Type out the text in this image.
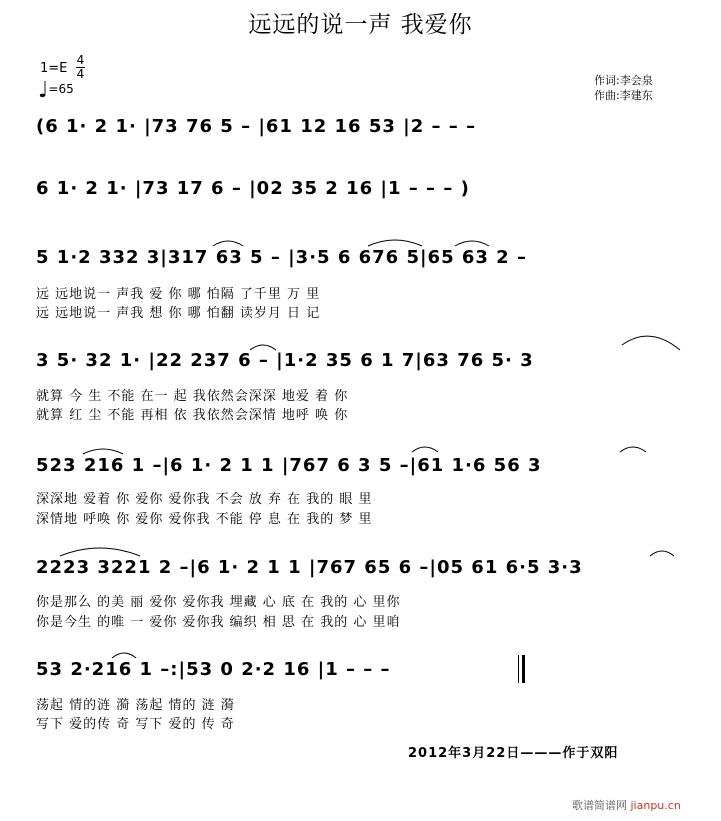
远远的说一声 我爱你
1=E
4
4
♩=65
作词:李会泉
作曲:李建东
(6 1· 2 1· |73 76 5 – |61 12 16 53 |2 – – –
6 1· 2 1· |73 17 6 – |02 35 2 16 |1 – – – )
5 1·2 332 3|317 63 5 – |3·5 6 676 5|65 63 2 –
远 远地说一 声我 爱 你 哪 怕隔 了千里 万 里
远 远地说一 声我 想 你 哪 怕翻 读岁月 日 记
3 5· 32 1· |22 237 6 – |1·2 35 6 1 7|63 76 5· 3
就算 今 生 不能 在一 起 我依然会深深 地爱 着 你
就算 红 尘 不能 再相 依 我依然会深情 地呼 唤 你
523 216 1 –|6 1· 2 1 1 |767 6 3 5 –|61 1·6 56 3
深深地 爱着 你 爱你 爱你我 不会 放 弃 在 我的 眼 里
深情地 呼唤 你 爱你 爱你我 不能 停 息 在 我的 梦 里
2223 3221 2 –|6 1· 2 1 1 |767 65 6 –|05 61 6·5 3·3
你是那么 的美 丽 爱你 爱你我 埋藏 心 底 在 我的 心 里你
你是今生 的唯 一 爱你 爱你我 编织 相 思 在 我的 心 里咱
53 2·216 1 –:|53 0 2·2 16 |1 – – –
荡起 情的涟 漪 荡起 情的 涟 漪
写下 爱的传 奇 写下 爱的 传 奇
2012年3月22日———作于双阳
歌谱简谱网 jianpu.cn
